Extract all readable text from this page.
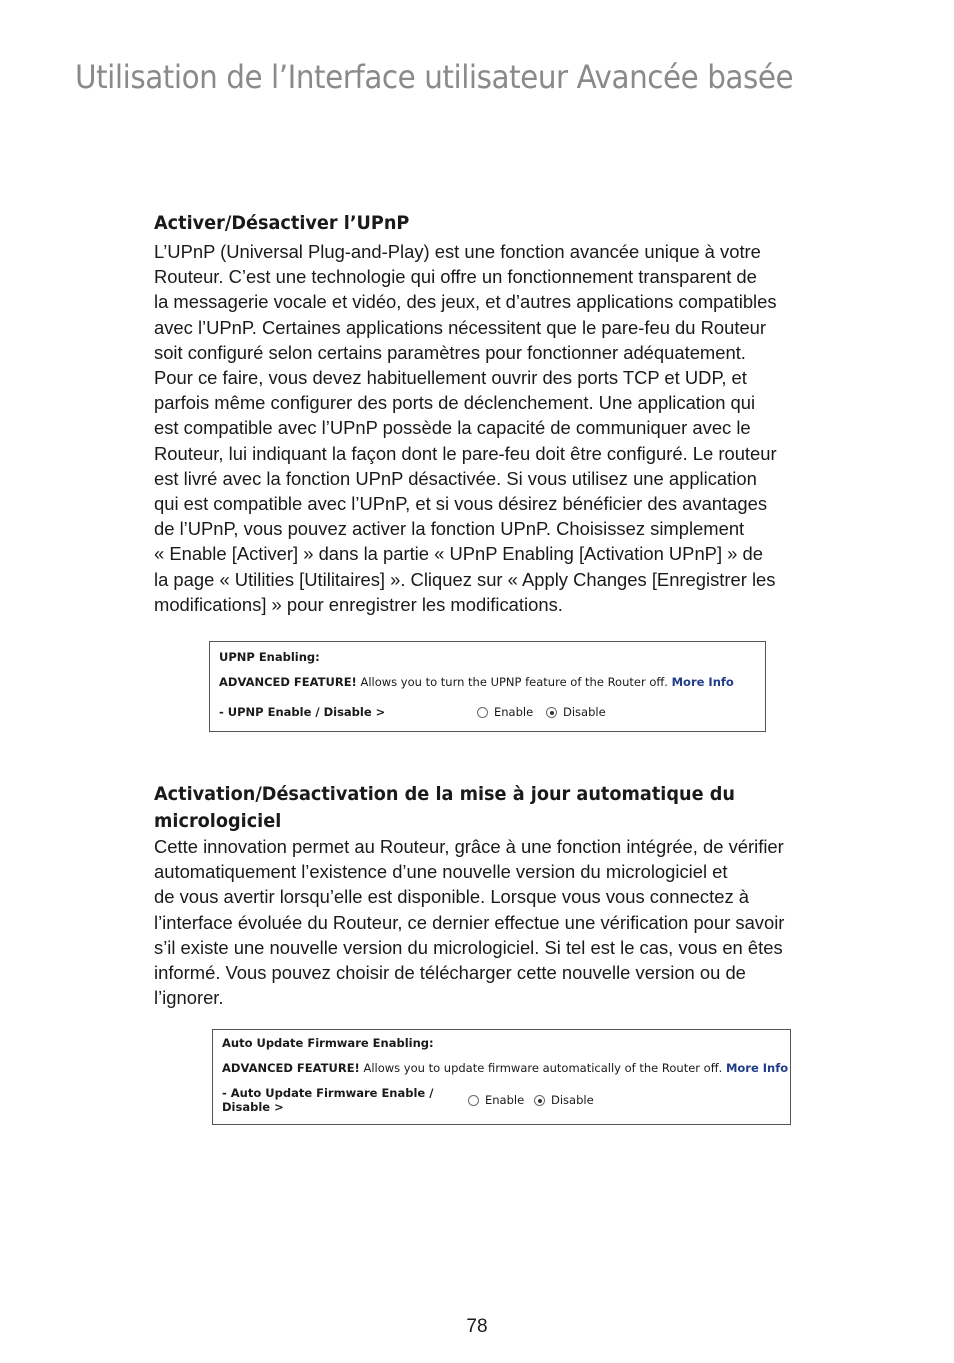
Utilisation de l’Interface utilisateur Avancée basée
Activer/Désactiver l’UPnP
L’UPnP (Universal Plug-and-Play) est une fonction avancée unique à votre
Routeur. C’est une technologie qui offre un fonctionnement transparent de
la messagerie vocale et vidéo, des jeux, et d’autres applications compatibles
avec l’UPnP. Certaines applications nécessitent que le pare-feu du Routeur
soit configuré selon certains paramètres pour fonctionner adéquatement.
Pour ce faire, vous devez habituellement ouvrir des ports TCP et UDP, et
parfois même configurer des ports de déclenchement. Une application qui
est compatible avec l’UPnP possède la capacité de communiquer avec le
Routeur, lui indiquant la façon dont le pare-feu doit être configuré. Le routeur
est livré avec la fonction UPnP désactivée. Si vous utilisez une application
qui est compatible avec l’UPnP, et si vous désirez bénéficier des avantages
de l’UPnP, vous pouvez activer la fonction UPnP. Choisissez simplement
« Enable [Activer] » dans la partie « UPnP Enabling [Activation UPnP] » de
la page « Utilities [Utilitaires] ». Cliquez sur « Apply Changes [Enregistrer les
modifications] » pour enregistrer les modifications.
UPNP Enabling:
ADVANCED FEATURE! Allows you to turn the UPNP feature of the Router off. More Info
- UPNP Enable / Disable >	Enable	Disable
Activation/Désactivation de la mise à jour automatique du
micrologiciel
Cette innovation permet au Routeur, grâce à une fonction intégrée, de vérifier
automatiquement l’existence d’une nouvelle version du micrologiciel et
de vous avertir lorsqu’elle est disponible. Lorsque vous vous connectez à
l’interface évoluée du Routeur, ce dernier effectue une vérification pour savoir
s’il existe une nouvelle version du micrologiciel. Si tel est le cas, vous en êtes
informé. Vous pouvez choisir de télécharger cette nouvelle version ou de
l’ignorer.
Auto Update Firmware Enabling:
ADVANCED FEATURE! Allows you to update firmware automatically of the Router off. More Info
- Auto Update Firmware Enable /
Disable >	Enable	Disable
78
